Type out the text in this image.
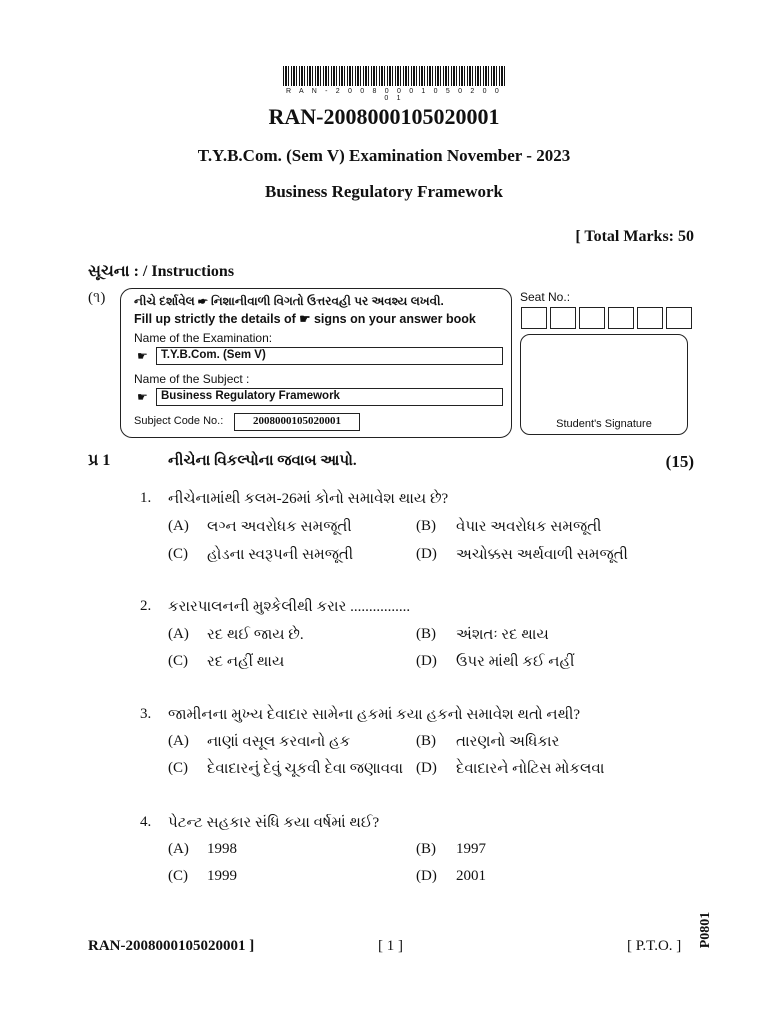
R A N - 2 0 0 8 0 0 0 1 0 5 0 2 0 0 0 1
RAN-2008000105020001
T.Y.B.Com. (Sem V) Examination November - 2023
Business Regulatory Framework
[ Total Marks: 50
સૂચના : / Instructions
(૧) નીચે દર્શાવેલ ☛ નિશાનીવાળી વિગતો ઉત્તરવહી પર અવશ્ય લખવી.
Fill up strictly the details of ☛ signs on your answer book
Name of the Examination:
☛	T.Y.B.Com. (Sem V)
Name of the Subject :
☛	Business Regulatory Framework
Subject Code No.:	2008000105020001
Seat No.:
Student's Signature
પ્ર 1	નીચેના વિકલ્પોના જવાબ આપો.	(15)
1. નીચેનામાંથી કલમ-26માં કોનો સમાવેશ થાય છે?
(A) લગ્ન અવરોધક સમજૂતી	(B) વેપાર અવરોધક સમજૂતી
(C) હોડના સ્વરૂપની સમજૂતી	(D) અચોક્કસ અર્થવાળી સમજૂતી
2. કરારપાલનની મુશ્કેલીથી કરાર ................
(A) રદ થઈ જાય છે.	(B) અંશતઃ રદ થાય
(C) રદ નહીં થાય	(D) ઉપર માંથી કઈ નહીં
3. જામીનના મુખ્ય દેવાદાર સામેના હકમાં કયા હકનો સમાવેશ થતો નથી?
(A) નાણાં વસૂલ કરવાનો હક	(B) તારણનો અધિકાર
(C) દેવાદારનું દેવું ચૂકવી દેવા જણાવવા (D) દેવાદારને નોટિસ મોકલવા
4. પેટન્ટ સહકાર સંધિ કયા વર્ષમાં થઈ?
(A) 1998	(B) 1997
(C) 1999	(D) 2001
RAN-2008000105020001 ]	[ 1 ]	[ P.T.O. ] P0801
